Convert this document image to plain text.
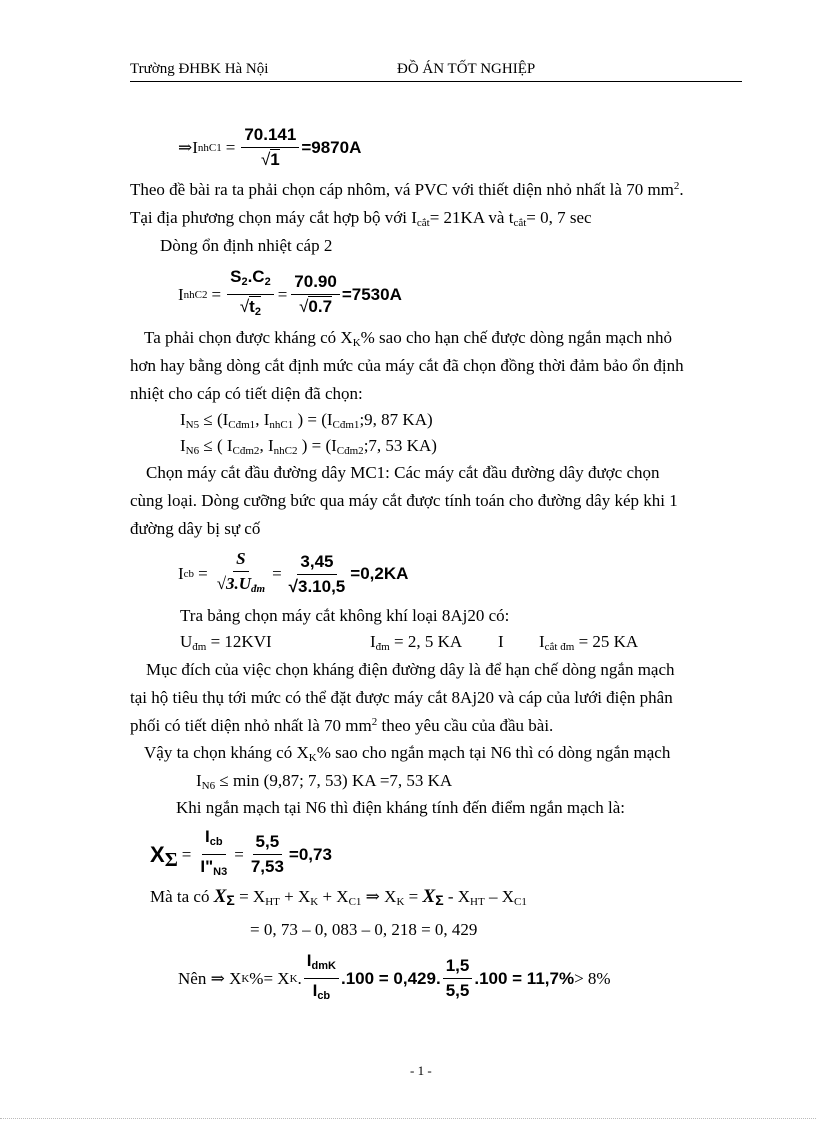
Trường ĐHBK Hà Nội	ĐỒ ÁN TỐT NGHIỆP
⇒I $nhC1 = \frac{70.141}{√1} =9870A$
Theo đề bài ra ta phải chọn cáp nhôm, vá PVC với thiết diện nhỏ nhất là 70 $mm^2$.
Tại địa phương chọn máy cắt hợp bộ với $I_{cắt}= 21KA$ và $t_{cắt}= 0$, 7 sec
Dòng ổn định nhiệt cáp 2
I $nhC2 = \frac{S_2.C_2}{√t_2} = \frac{70.90}{√0.7} =7530A$
Ta phải chọn được kháng có $X_K\%$ sao cho hạn chế được dòng ngắn mạch nhỏ
hơn hay bằng dòng cắt định mức của máy cắt đã chọn đồng thời đảm bảo ổn định
nhiệt cho cáp có tiết diện đã chọn:
$I_{N5} \le (I_{Cđm1}$, $I_{nhC1}$ ) = ($I_{Cđm1};9$, 87 KA)
$I_{N6}$ ≤ ( $I_{Cđm2}$, $I_{nhC2}$ ) = ($I_{Cđm2};7$, 53 KA)
Chọn máy cắt đầu đường dây MC1: Các máy cắt đầu đường dây được chọn
cùng loại. Dòng cưỡng bức qua máy cắt được tính toán cho đường dây kép khi 1
đường dây bị sự cố
I cb = $\frac{S}{√3.U_{đm}} = \frac{3,45}{√3.10,5} =0,2KA$
Tra bảng chọn máy cắt không khí loại 8Aj20 có:
$U_{đm} = 12KVI$	$I_{đm} = 2$, 5 KA I $I_{cắt đm} = 25$ KA
Mục đích của việc chọn kháng điện đường dây là để hạn chế dòng ngắn mạch
tại hộ tiêu thụ tới mức có thể đặt được máy cắt 8Aj20 và cáp của lưới điện phân
phối có tiết diện nhỏ nhất là 70 $mm^2$ theo yêu cầu của đầu bài.
Vậy ta chọn kháng có $X_K\%$ sao cho ngắn mạch tại N6 thì có dòng ngắn mạch
$I_{N6} \le \min (9,87$; 7, 53) KA =7, 53 KA
Khi ngắn mạch tại N6 thì điện kháng tính đến điểm ngắn mạch là:
X $\Sigma = \frac{I_{cb}}{I"_{N3}} = \frac{5,5}{7,53} =0,73$
Mà ta có $X_\Sigma = X_{HT} + X_K + X_{C1}$ ⇒ $X_K = X_\Sigma - X_{HT} - X_{C1}$
= 0, 73 – 0, 083 – 0, 218 = 0, 429
Nên ⇒ X K %= X K . $\frac{I_{dmK}}{I_{cb}} .100 = 0,429$. $\frac{1,5}{5,5} .100 = 11,7\% > 8\%$
- 1 -
